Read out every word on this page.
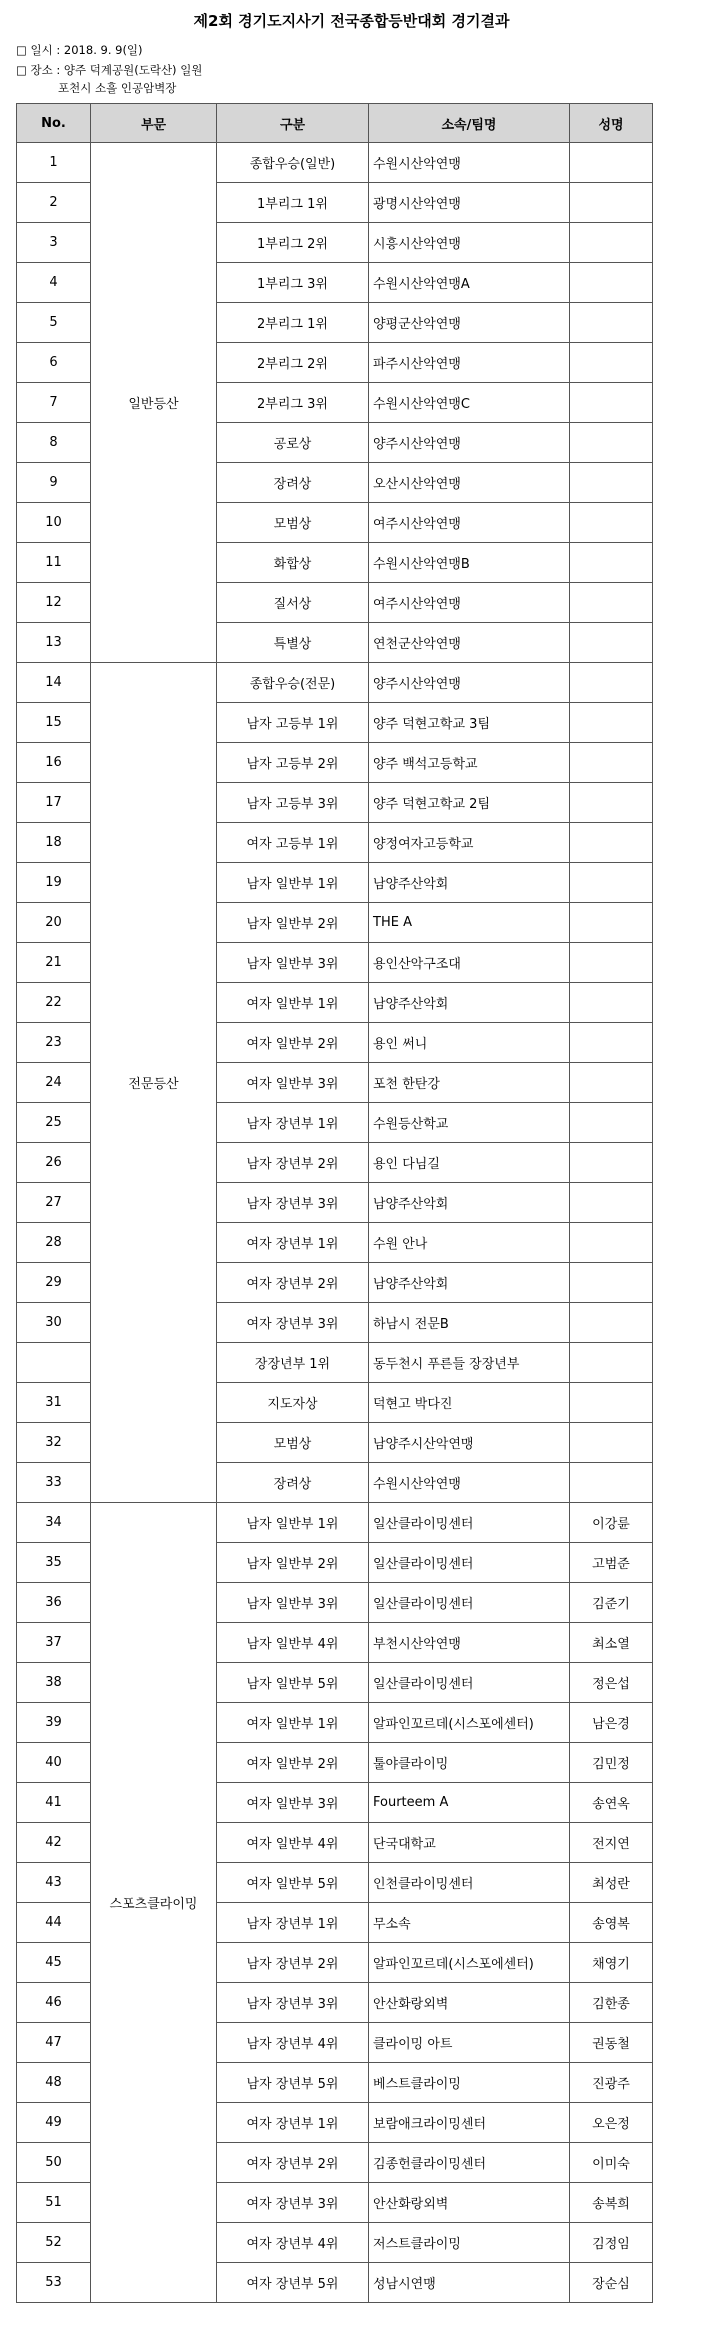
제2회 경기도지사기 전국종합등반대회 경기결과
□ 일시 : 2018. 9. 9(일)
□ 장소 : 양주 덕계공원(도락산) 일원
포천시 소흘 인공암벽장
No.	부문	구분	소속/팀명	성명
1	일반등산	종합우승(일반)	수원시산악연맹	
2		1부리그 1위	광명시산악연맹	
3		1부리그 2위	시흥시산악연맹	
4		1부리그 3위	수원시산악연맹A	
5		2부리그 1위	양평군산악연맹	
6		2부리그 2위	파주시산악연맹	
7		2부리그 3위	수원시산악연맹C	
8		공로상	양주시산악연맹	
9		장려상	오산시산악연맹	
10		모범상	여주시산악연맹	
11		화합상	수원시산악연맹B	
12		질서상	여주시산악연맹	
13		특별상	연천군산악연맹	
14	전문등산	종합우승(전문)	양주시산악연맹	
15		남자 고등부 1위	양주 덕현고학교 3팀	
16		남자 고등부 2위	양주 백석고등학교	
17		남자 고등부 3위	양주 덕현고학교 2팀	
18		여자 고등부 1위	양정여자고등학교	
19		남자 일반부 1위	남양주산악회	
20		남자 일반부 2위	THE A	
21		남자 일반부 3위	용인산악구조대	
22		여자 일반부 1위	남양주산악회	
23		여자 일반부 2위	용인 써니	
24		여자 일반부 3위	포천 한탄강	
25		남자 장년부 1위	수원등산학교	
26		남자 장년부 2위	용인 다님길	
27		남자 장년부 3위	남양주산악회	
28		여자 장년부 1위	수원 안나	
29		여자 장년부 2위	남양주산악회	
30		여자 장년부 3위	하남시 전문B	
		장장년부 1위	동두천시 푸른들 장장년부	
31		지도자상	덕현고 박다진	
32		모범상	남양주시산악연맹	
33		장려상	수원시산악연맹	
34	스포츠클라이밍	남자 일반부 1위	일산클라이밍센터	이강륜
35		남자 일반부 2위	일산클라이밍센터	고범준
36		남자 일반부 3위	일산클라이밍센터	김준기
37		남자 일반부 4위	부천시산악연맹	최소열
38		남자 일반부 5위	일산클라이밍센터	정은섭
39		여자 일반부 1위	알파인꼬르데(시스포에센터)	남은경
40		여자 일반부 2위	툴야클라이밍	김민정
41		여자 일반부 3위	Fourteem A	송연옥
42		여자 일반부 4위	단국대학교	전지연
43		여자 일반부 5위	인천클라이밍센터	최성란
44		남자 장년부 1위	무소속	송영복
45		남자 장년부 2위	알파인꼬르데(시스포에센터)	채영기
46		남자 장년부 3위	안산화랑외벽	김한종
47		남자 장년부 4위	클라이밍 아트	권동철
48		남자 장년부 5위	베스트클라이밍	진광주
49		여자 장년부 1위	보람애크라이밍센터	오은정
50		여자 장년부 2위	김종헌클라이밍센터	이미숙
51		여자 장년부 3위	안산화랑외벽	송복희
52		여자 장년부 4위	저스트클라이밍	김정임
53		여자 장년부 5위	성남시연맹	장순심
